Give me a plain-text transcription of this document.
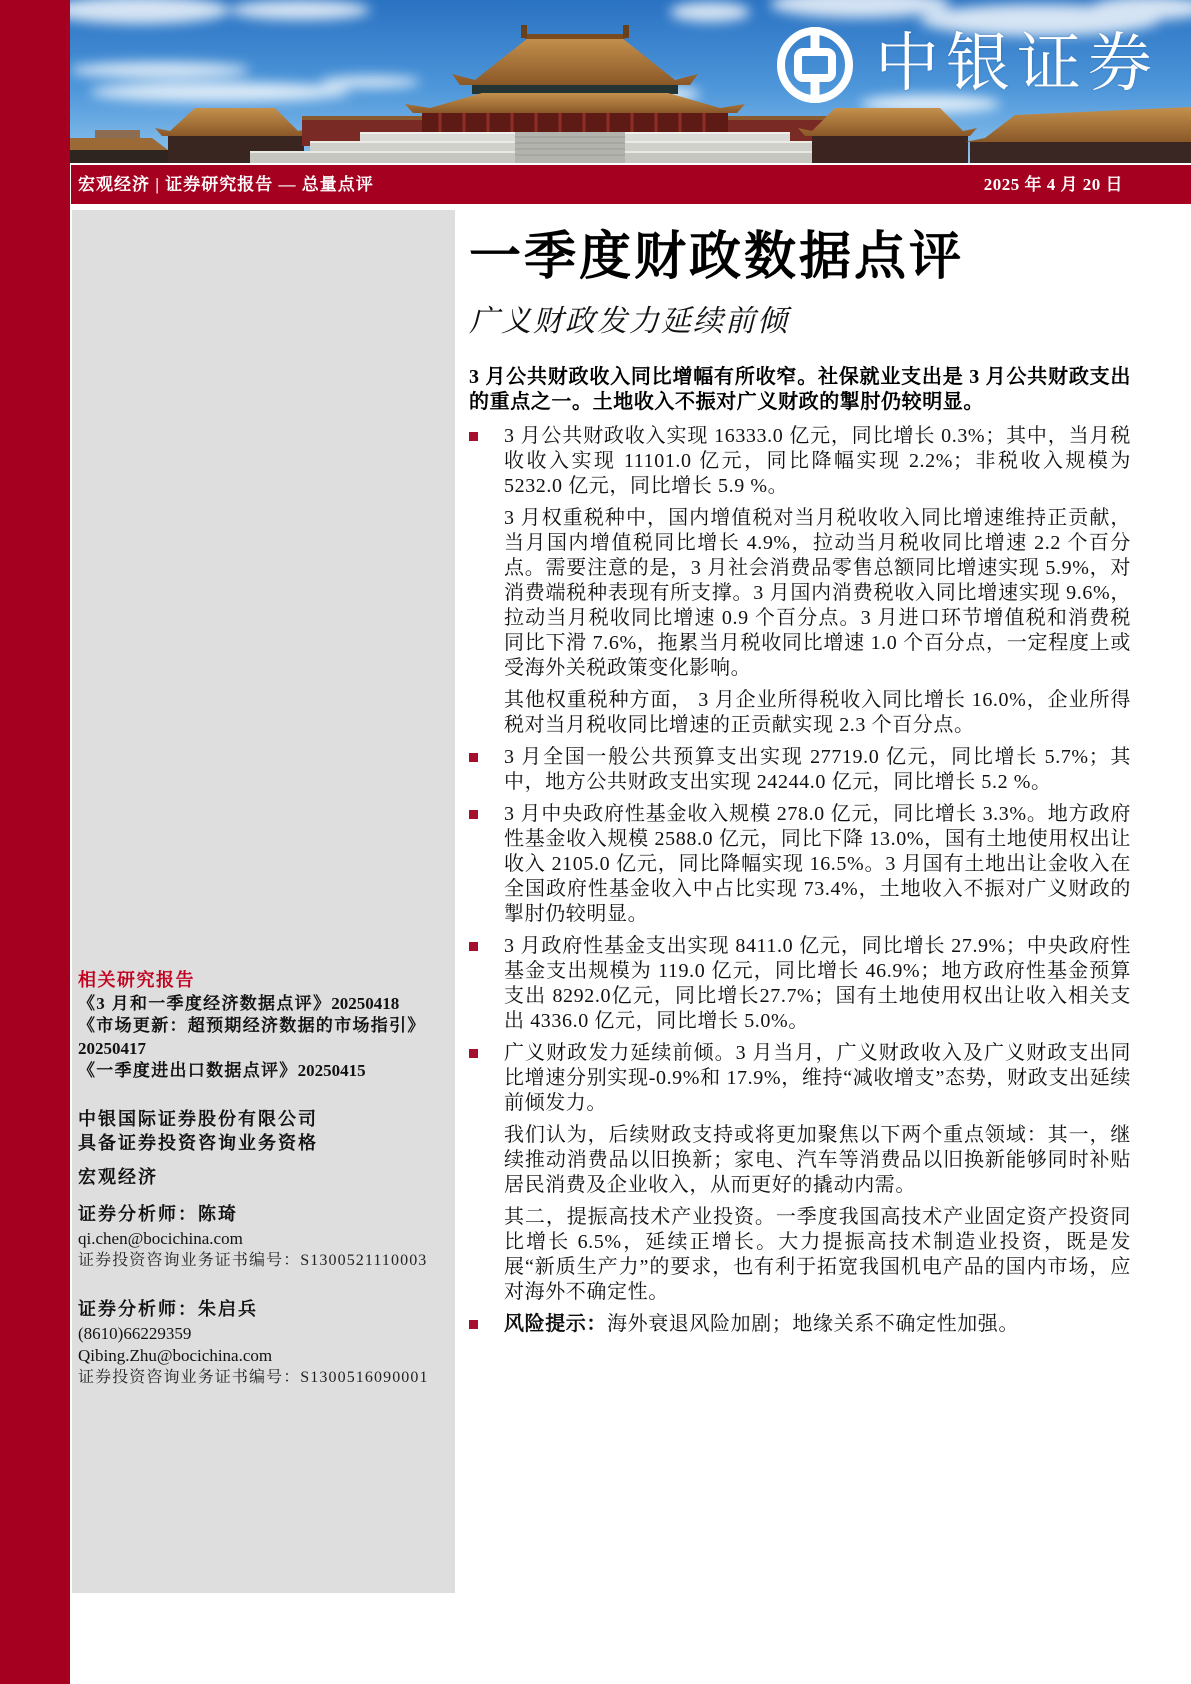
中银证券
宏观经济 | 证券研究报告 — 总量点评	2025 年 4 月 20 日
相关研究报告
《3 月和一季度经济数据点评》20250418
《市场更新：超预期经济数据的市场指引》20250417
《一季度进出口数据点评》20250415
中银国际证券股份有限公司
具备证券投资咨询业务资格
宏观经济
证券分析师：陈琦
qi.chen@bocichina.com
证券投资咨询业务证书编号：S1300521110003
证券分析师：朱启兵
(8610)66229359
Qibing.Zhu@bocichina.com
证券投资咨询业务证书编号：S1300516090001
一季度财政数据点评
广义财政发力延续前倾
3 月公共财政收入同比增幅有所收窄。社保就业支出是 3 月公共财政支出的重点之一。土地收入不振对广义财政的掣肘仍较明显。
3 月公共财政收入实现 16333.0 亿元，同比增长 0.3%；其中，当月税收收入实现 11101.0 亿元，同比降幅实现 2.2%；非税收入规模为 5232.0 亿元，同比增长 5.9 %。
3 月权重税种中，国内增值税对当月税收收入同比增速维持正贡献，当月国内增值税同比增长 4.9%，拉动当月税收同比增速 2.2 个百分点。需要注意的是，3 月社会消费品零售总额同比增速实现 5.9%，对消费端税种表现有所支撑。3 月国内消费税收入同比增速实现 9.6%，拉动当月税收同比增速 0.9 个百分点。3 月进口环节增值税和消费税同比下滑 7.6%，拖累当月税收同比增速 1.0 个百分点，一定程度上或受海外关税政策变化影响。
其他权重税种方面， 3 月企业所得税收入同比增长 16.0%，企业所得税对当月税收同比增速的正贡献实现 2.3 个百分点。
3 月全国一般公共预算支出实现 27719.0 亿元，同比增长 5.7%；其中，地方公共财政支出实现 24244.0 亿元，同比增长 5.2 %。
3 月中央政府性基金收入规模 278.0 亿元，同比增长 3.3%。地方政府性基金收入规模 2588.0 亿元，同比下降 13.0%，国有土地使用权出让收入 2105.0 亿元，同比降幅实现 16.5%。3 月国有土地出让金收入在全国政府性基金收入中占比实现 73.4%，土地收入不振对广义财政的掣肘仍较明显。
3 月政府性基金支出实现 8411.0 亿元，同比增长 27.9%；中央政府性基金支出规模为 119.0 亿元，同比增长 46.9%；地方政府性基金预算支出 8292.0亿元，同比增长27.7%；国有土地使用权出让收入相关支出 4336.0 亿元，同比增长 5.0%。
广义财政发力延续前倾。3 月当月，广义财政收入及广义财政支出同比增速分别实现-0.9%和 17.9%，维持“减收增支”态势，财政支出延续前倾发力。
我们认为，后续财政支持或将更加聚焦以下两个重点领域：其一，继续推动消费品以旧换新；家电、汽车等消费品以旧换新能够同时补贴居民消费及企业收入，从而更好的撬动内需。
其二，提振高技术产业投资。一季度我国高技术产业固定资产投资同比增长 6.5%，延续正增长。大力提振高技术制造业投资，既是发展“新质生产力”的要求，也有利于拓宽我国机电产品的国内市场，应对海外不确定性。
风险提示：海外衰退风险加剧；地缘关系不确定性加强。
